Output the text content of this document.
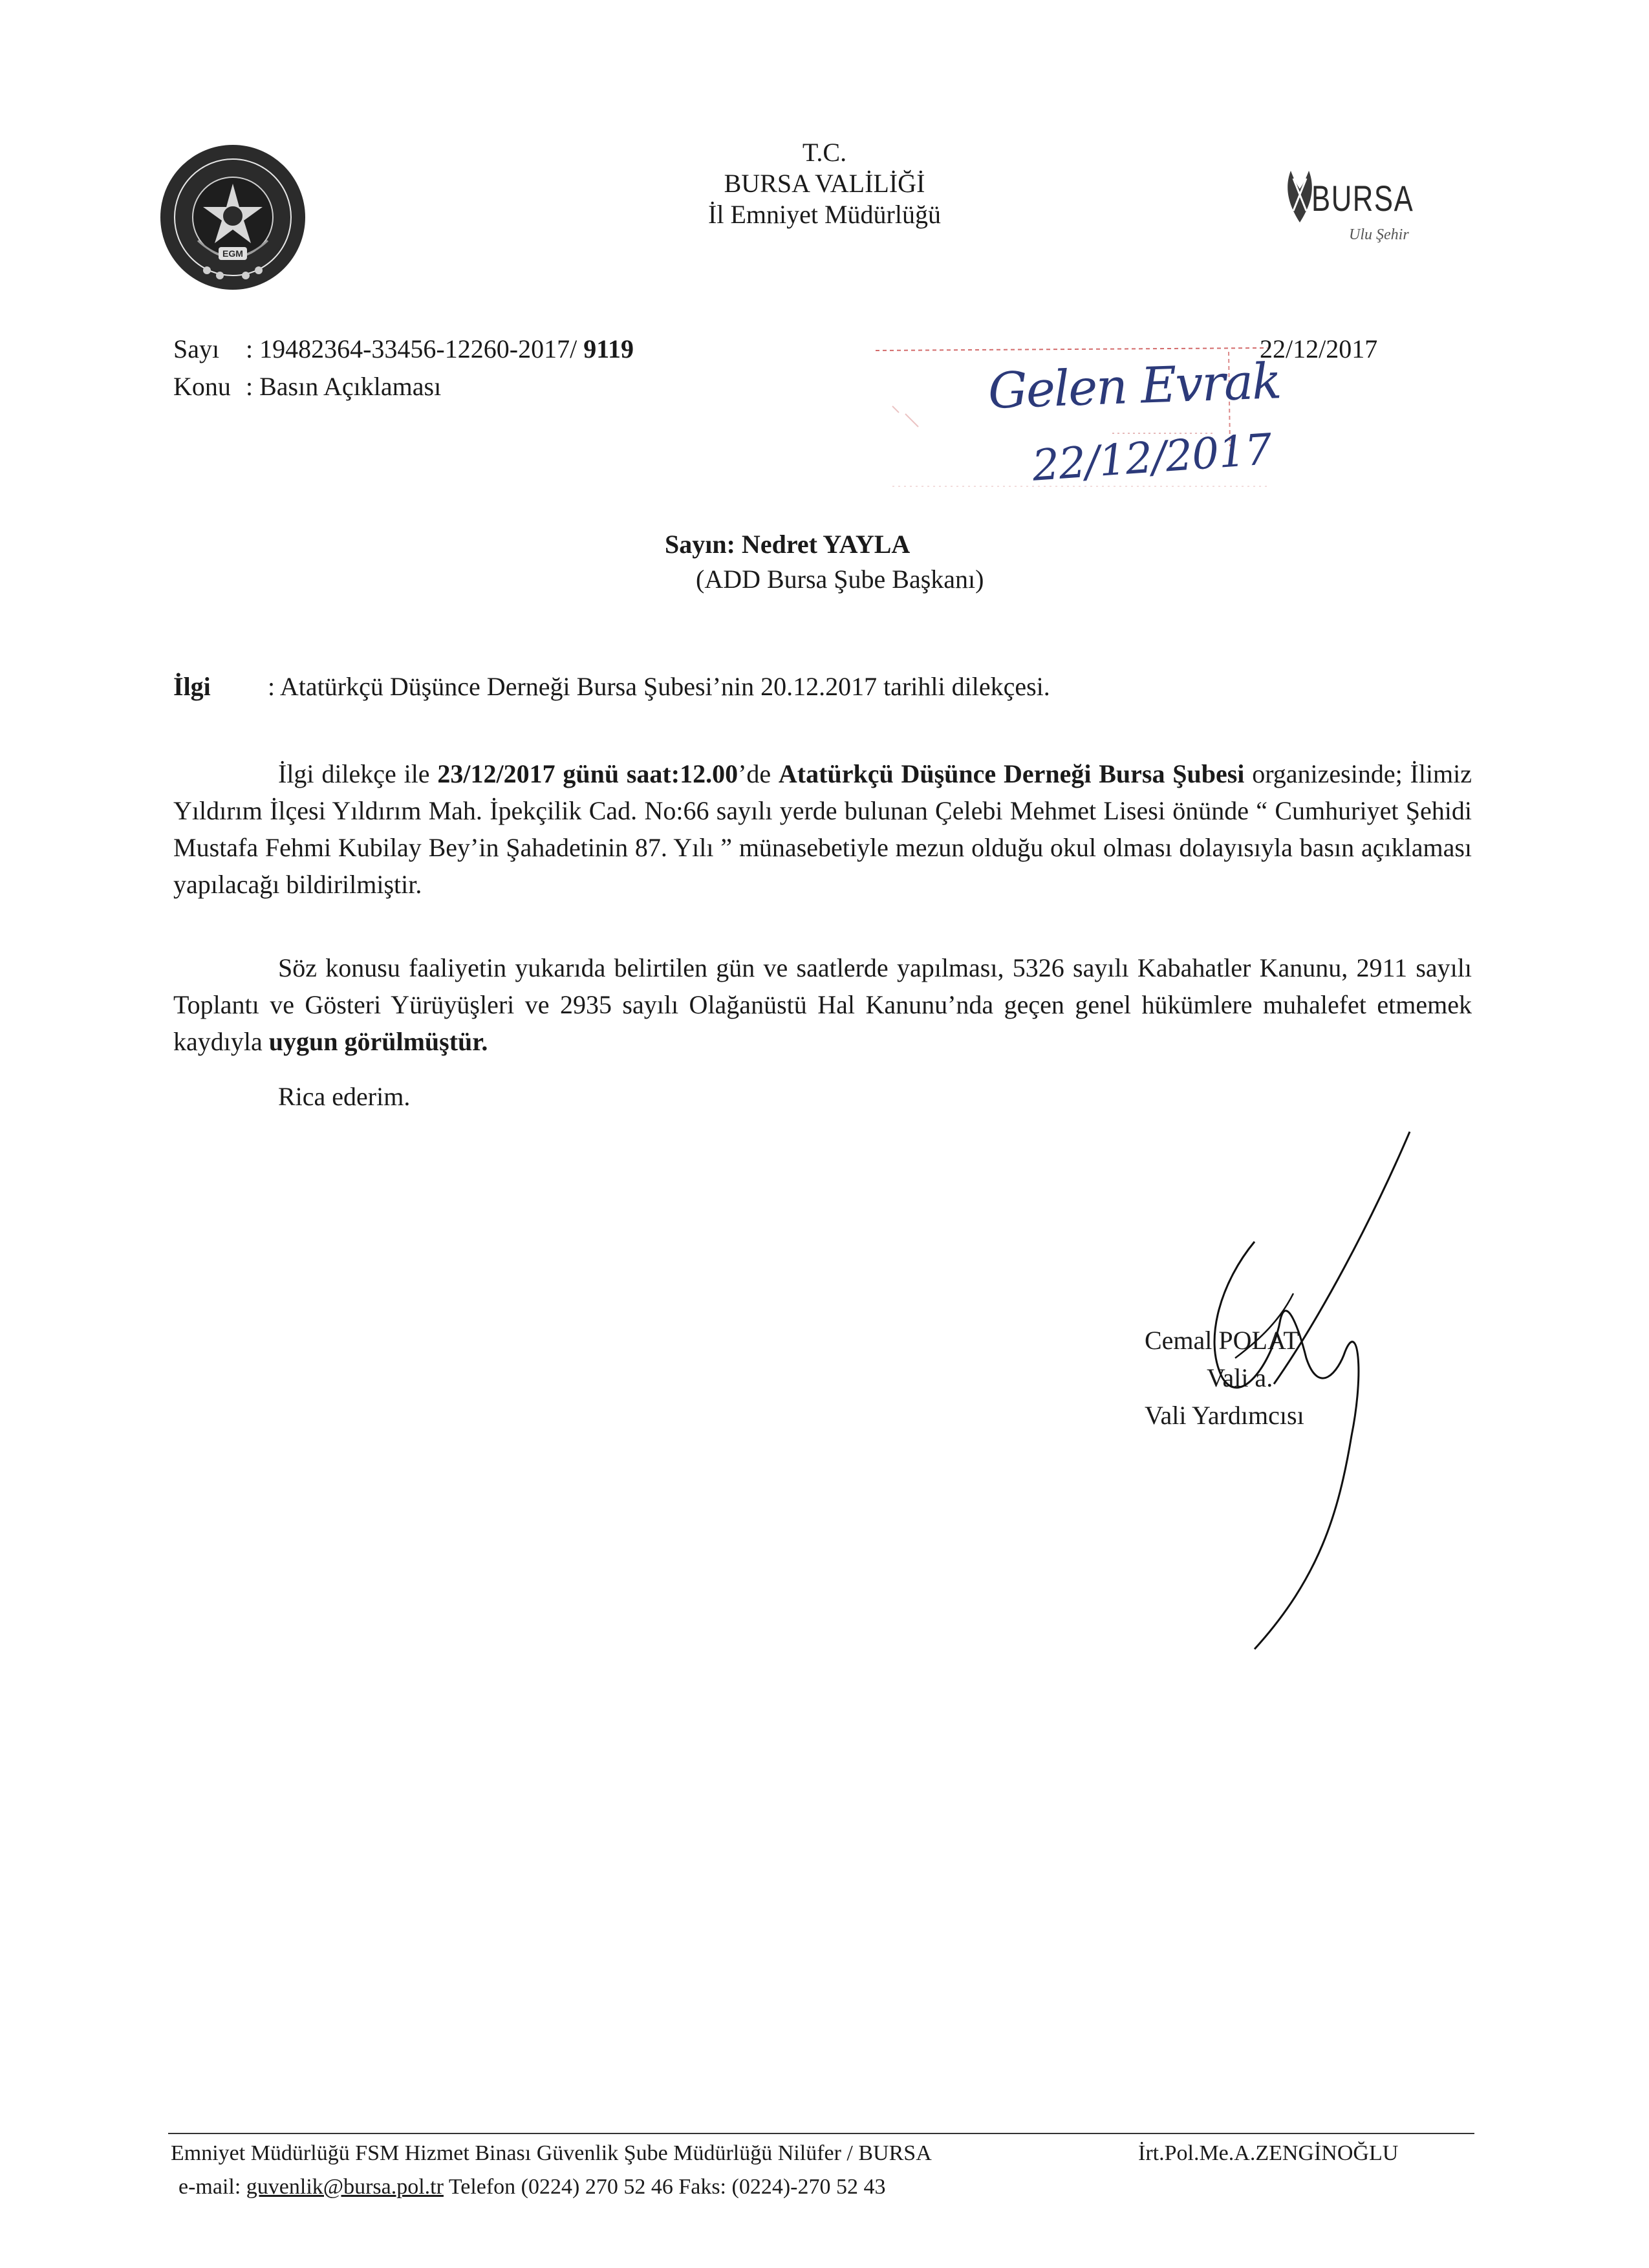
EGM
T.C.
BURSA VALİLİĞİ
İl Emniyet Müdürlüğü	BURSA
Ulu Şehir
Sayı : 19482364-33456-12260-2017/ 9119
Konu : Basın Açıklaması
22/12/2017
Gelen Evrak
22/12/2017
Sayın: Nedret YAYLA
(ADD Bursa Şube Başkanı)
İlgi : Atatürkçü Düşünce Derneği Bursa Şubesi’nin 20.12.2017 tarihli dilekçesi.
İlgi dilekçe ile 23/12/2017 günü saat:12.00’de Atatürkçü Düşünce Derneği Bursa Şubesi organizesinde; İlimiz Yıldırım İlçesi Yıldırım Mah. İpekçilik Cad. No:66 sayılı yerde bulunan Çelebi Mehmet Lisesi önünde “ Cumhuriyet Şehidi Mustafa Fehmi Kubilay Bey’in Şahadetinin 87. Yılı ” münasebetiyle mezun olduğu okul olması dolayısıyla basın açıklaması yapılacağı bildirilmiştir.
Söz konusu faaliyetin yukarıda belirtilen gün ve saatlerde yapılması, 5326 sayılı Kabahatler Kanunu, 2911 sayılı Toplantı ve Gösteri Yürüyüşleri ve 2935 sayılı Olağanüstü Hal Kanunu’nda geçen genel hükümlere muhalefet etmemek kaydıyla uygun görülmüştür.
Rica ederim.
Cemal POLAT
Vali a.
Vali Yardımcısı
Emniyet Müdürlüğü FSM Hizmet Binası Güvenlik Şube Müdürlüğü Nilüfer / BURSA	İrt.Pol.Me.A.ZENGİNOĞLU
e-mail: guvenlik@bursa.pol.tr Telefon (0224) 270 52 46 Faks: (0224)-270 52 43
